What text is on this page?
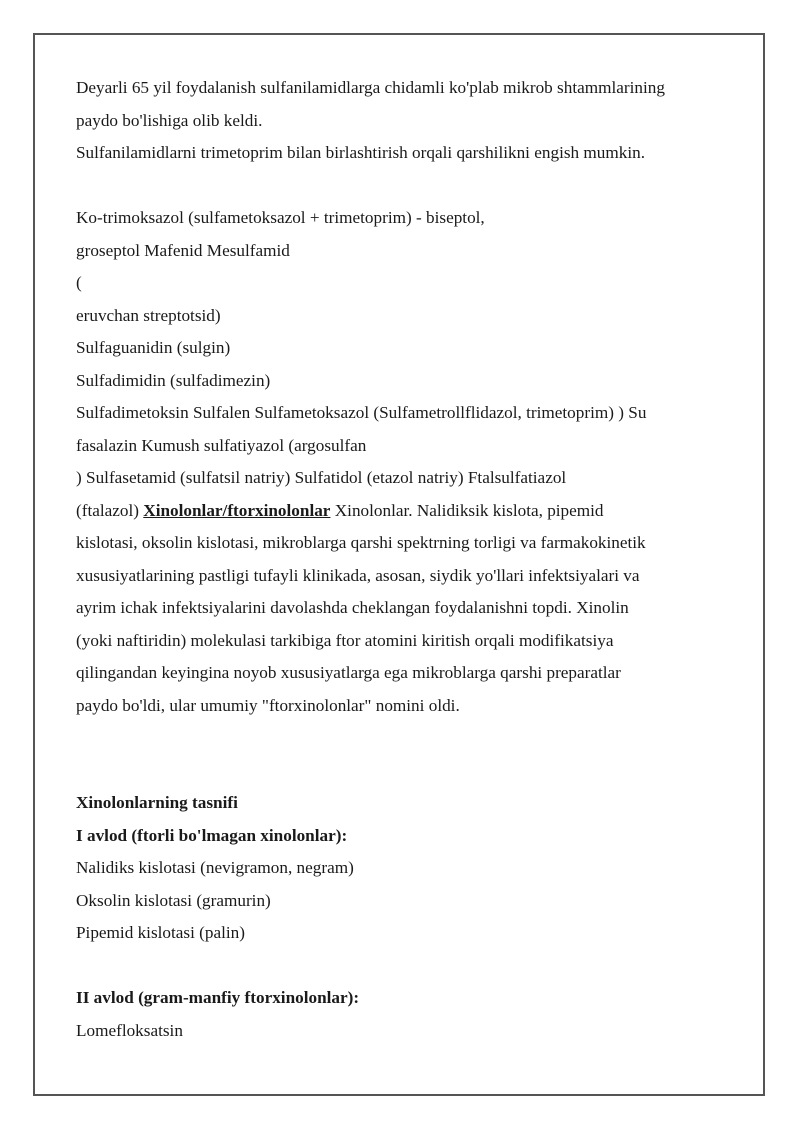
Deyarli 65 yil foydalanish sulfanilamidlarga chidamli ko'plab mikrob shtammlarining
paydo bo'lishiga olib keldi.
Sulfanilamidlarni trimetoprim bilan birlashtirish orqali qarshilikni engish mumkin.
Ko-trimoksazol (sulfametoksazol + trimetoprim) - biseptol,
groseptol Mafenid Mesulfamid
(
eruvchan streptotsid)
Sulfaguanidin (sulgin)
Sulfadimidin (sulfadimezin)
Sulfadimetoksin Sulfalen Sulfametoksazol (Sulfametrollflidazol, trimetoprim) ) Su
fasalazin Kumush sulfatiyazol (argosulfan
) Sulfasetamid (sulfatsil natriy) Sulfatidol (etazol natriy) Ftalsulfatiazol
(ftalazol) Xinolonlar/ftorxinolonlar Xinolonlar. Nalidiksik kislota, pipemid
kislotasi, oksolin kislotasi, mikroblarga qarshi spektrning torligi va farmakokinetik
xususiyatlarining pastligi tufayli klinikada, asosan, siydik yo'llari infektsiyalari va
ayrim ichak infektsiyalarini davolashda cheklangan foydalanishni topdi. Xinolin
(yoki naftiridin) molekulasi tarkibiga ftor atomini kiritish orqali modifikatsiya
qilingandan keyingina noyob xususiyatlarga ega mikroblarga qarshi preparatlar
paydo bo'ldi, ular umumiy "ftorxinolonlar" nomini oldi.
Xinolonlarning tasnifi
I avlod (ftorli bo'lmagan xinolonlar):
Nalidiks kislotasi (nevigramon, negram)
Oksolin kislotasi (gramurin)
Pipemid kislotasi (palin)
II avlod (gram-manfiy ftorxinolonlar):
Lomefloksatsin
